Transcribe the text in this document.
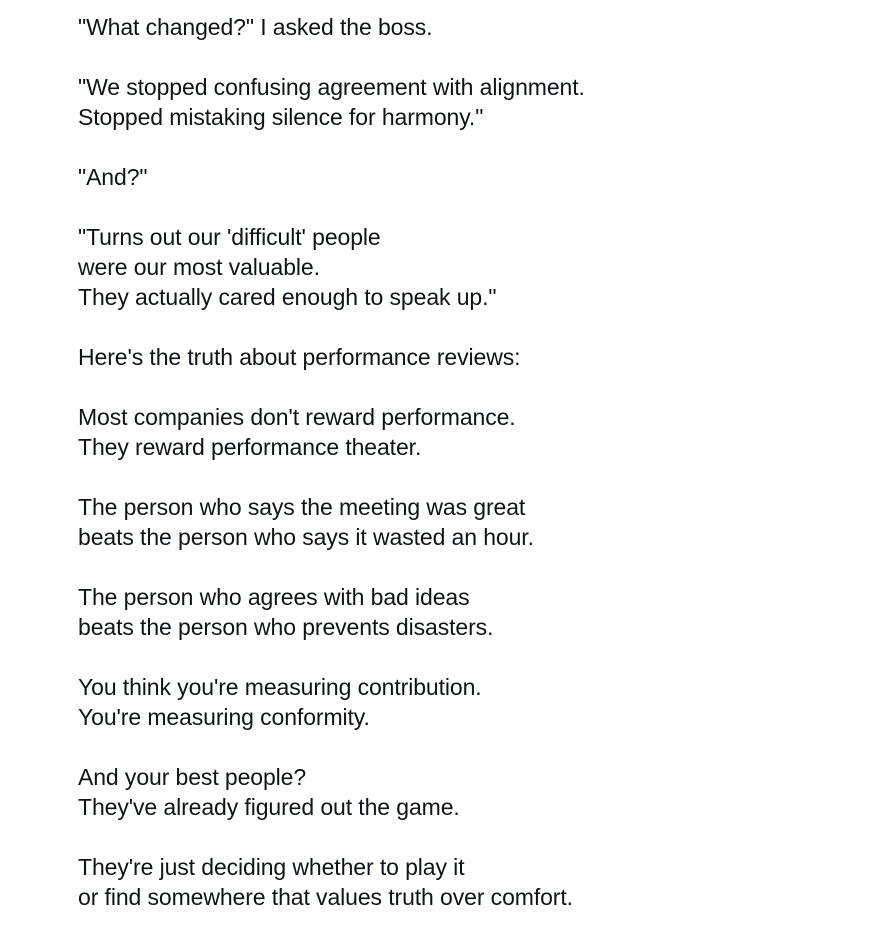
"What changed?" I asked the boss.

"We stopped confusing agreement with alignment.
Stopped mistaking silence for harmony."

"And?"

"Turns out our 'difficult' people
were our most valuable.
They actually cared enough to speak up."

Here's the truth about performance reviews:

Most companies don't reward performance.
They reward performance theater.

The person who says the meeting was great
beats the person who says it wasted an hour.

The person who agrees with bad ideas
beats the person who prevents disasters.

You think you're measuring contribution.
You're measuring conformity.

And your best people?
They've already figured out the game.

They're just deciding whether to play it
or find somewhere that values truth over comfort.
